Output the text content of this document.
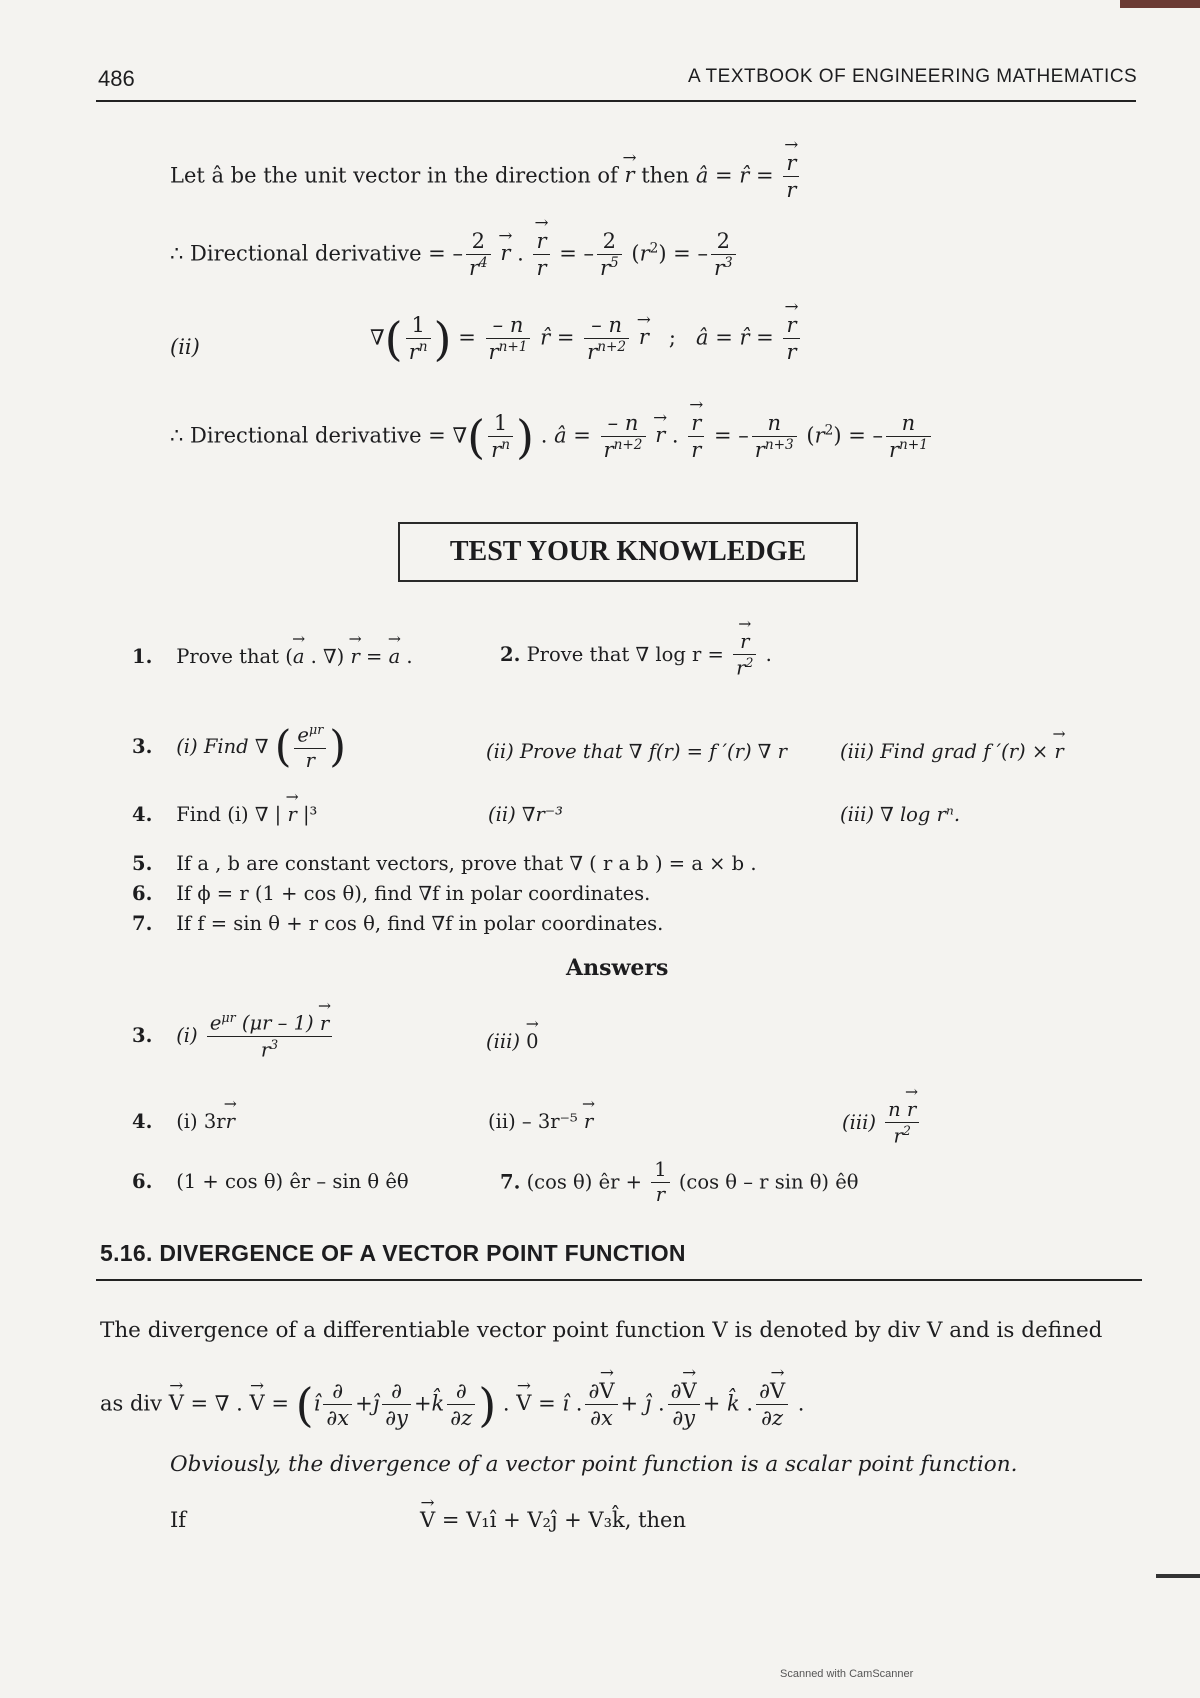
486	A TEXTBOOK OF ENGINEERING MATHEMATICS
Let â be the unit vector in the direction of → r then â = r̂ =
→ $\frac{r}{r}$
∴ Directional derivative = – $\frac{2}{r^4}$
→ r .
→ $\frac{r}{r}$ = – $\frac{2}{r^5} (r^2)$ = – $\frac{2}{r^3}$
(ii)	∇( $\frac{1}{r^n}$ ) = $\frac{- n}{r^{n+1}}$ r̂ = $\frac{- n}{r^{n+2}}$
→ r   ;   â = r̂ =
→ $\frac{r}{r}$
∴ Directional derivative = ∇( $\frac{1}{r^n}$ ) . â = $\frac{- n}{r^{n+2}}$
→ r .
→ $\frac{r}{r}$ = – $\frac{n}{r^{n+3}} (r^2)$ = – $\frac{n}{r^{n+1}}$
TEST YOUR KNOWLEDGE
1. Prove that (→ a . ∇) → r = → a .	2. Prove that ∇ log r =
→ $\frac{r}{r^2}$ .
3. (i) Find ∇ ( $\frac{e^{\mu r}}{r}$ )	(ii) Prove that ∇ f(r) = f ′(r) ∇ r	(iii) Find grad f ′(r) × → r
4. Find (i) ∇ | → r |³	(ii) ∇r⁻³	(iii) ∇ log rⁿ.
5. If a , b are constant vectors, prove that ∇ ( r a b ) = a × b .
6. If ϕ = r (1 + cos θ), find ∇f in polar coordinates.
7. If f = sin θ + r cos θ, find ∇f in polar coordinates.
Answers
3. $(i) \frac{e^{\mu r} (\mu r - 1) \to r}{r^3}$	(iii) → 0
4. (i) 3r→ r	(ii) – 3r⁻⁵ → r	$(iii) \frac{n \to r}{r^2}$
6. (1 + cos θ) êr – sin θ êθ	7. (cos θ) êr + $\frac{1}{r} (\cos$ θ – r sin θ) êθ
5.16. DIVERGENCE OF A VECTOR POINT FUNCTION
The divergence of a differentiable vector point function V is denoted by div V and is defined
as div → V = ∇ . → V = (î $\frac{\partial}{\partial x}$ +ĵ $\frac{\partial}{\partial y}$ +k̂ $\frac{\partial}{\partial z}$ ) . → V = î . $\frac{\partial\to V}{\partial x}$ + ĵ . $\frac{\partial\to V}{\partial y}$ + k̂ . $\frac{\partial\to V}{\partial z}$ .
Obviously, the divergence of a vector point function is a scalar point function.
If
→	V = V₁î + V₂ĵ + V₃k̂, then
Scanned with CamScanner
